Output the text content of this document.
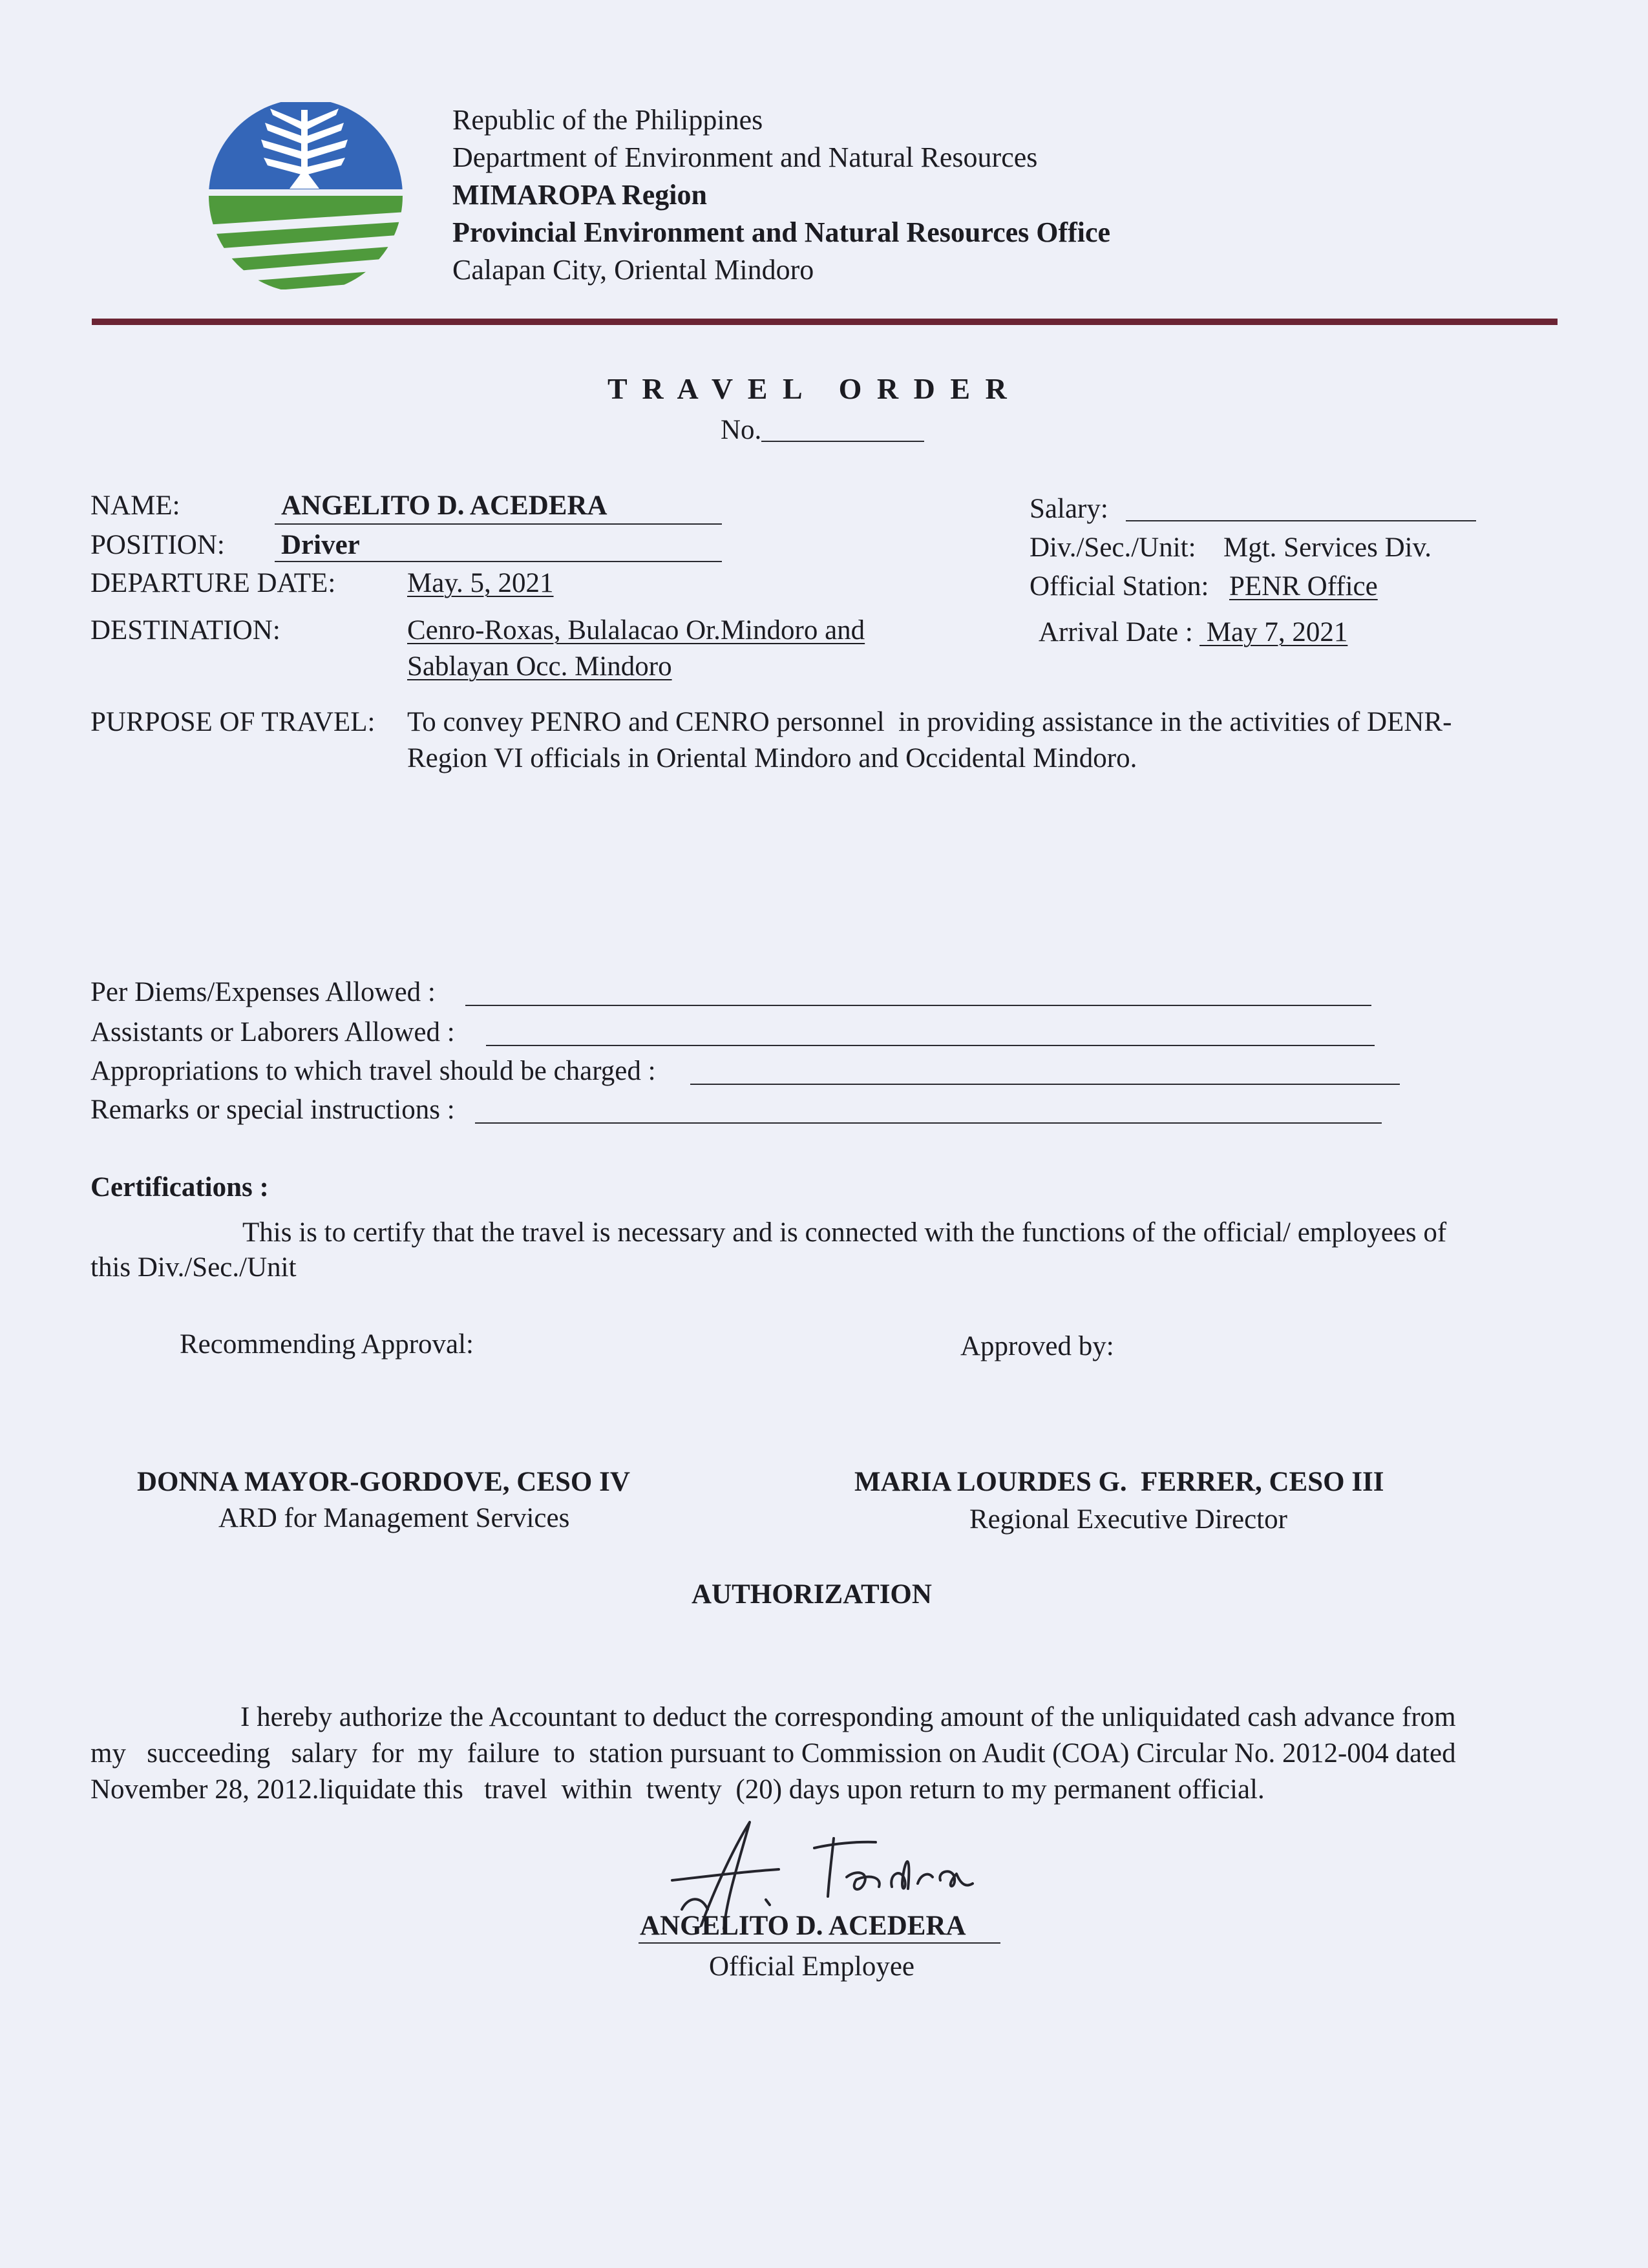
Republic of the Philippines
Department of Environment and Natural Resources
MIMAROPA Region
Provincial Environment and Natural Resources Office
Calapan City, Oriental Mindoro
T R A V E L   O R D E R
No.
NAME:	ANGELITO D. ACEDERA
POSITION: Driver
DEPARTURE DATE:	May. 5, 2021
DESTINATION:	Cenro-Roxas, Bulalacao Or.Mindoro and
Sablayan Occ. Mindoro
Salary:
Div./Sec./Unit: Mgt. Services Div.
Official Station: PENR Office
Arrival Date : May 7, 2021
PURPOSE OF TRAVEL: To convey PENRO and CENRO personnel  in providing assistance in the activities of DENR-
Region VI officials in Oriental Mindoro and Occidental Mindoro.
Per Diems/Expenses Allowed :
Assistants or Laborers Allowed :
Appropriations to which travel should be charged :
Remarks or special instructions :
Certifications :
This is to certify that the travel is necessary and is connected with the functions of the official/ employees of
this Div./Sec./Unit
Recommending Approval:	Approved by:
DONNA MAYOR-GORDOVE, CESO IV
ARD for Management Services
MARIA LOURDES G.  FERRER, CESO III
Regional Executive Director
AUTHORIZATION
I hereby authorize the Accountant to deduct the corresponding amount of the unliquidated cash advance from
my   succeeding   salary  for  my  failure  to  station pursuant to Commission on Audit (COA) Circular No. 2012-004 dated
November 28, 2012.liquidate this   travel  within  twenty  (20) days upon return to my permanent official.
ANGELITO D. ACEDERA
Official Employee
